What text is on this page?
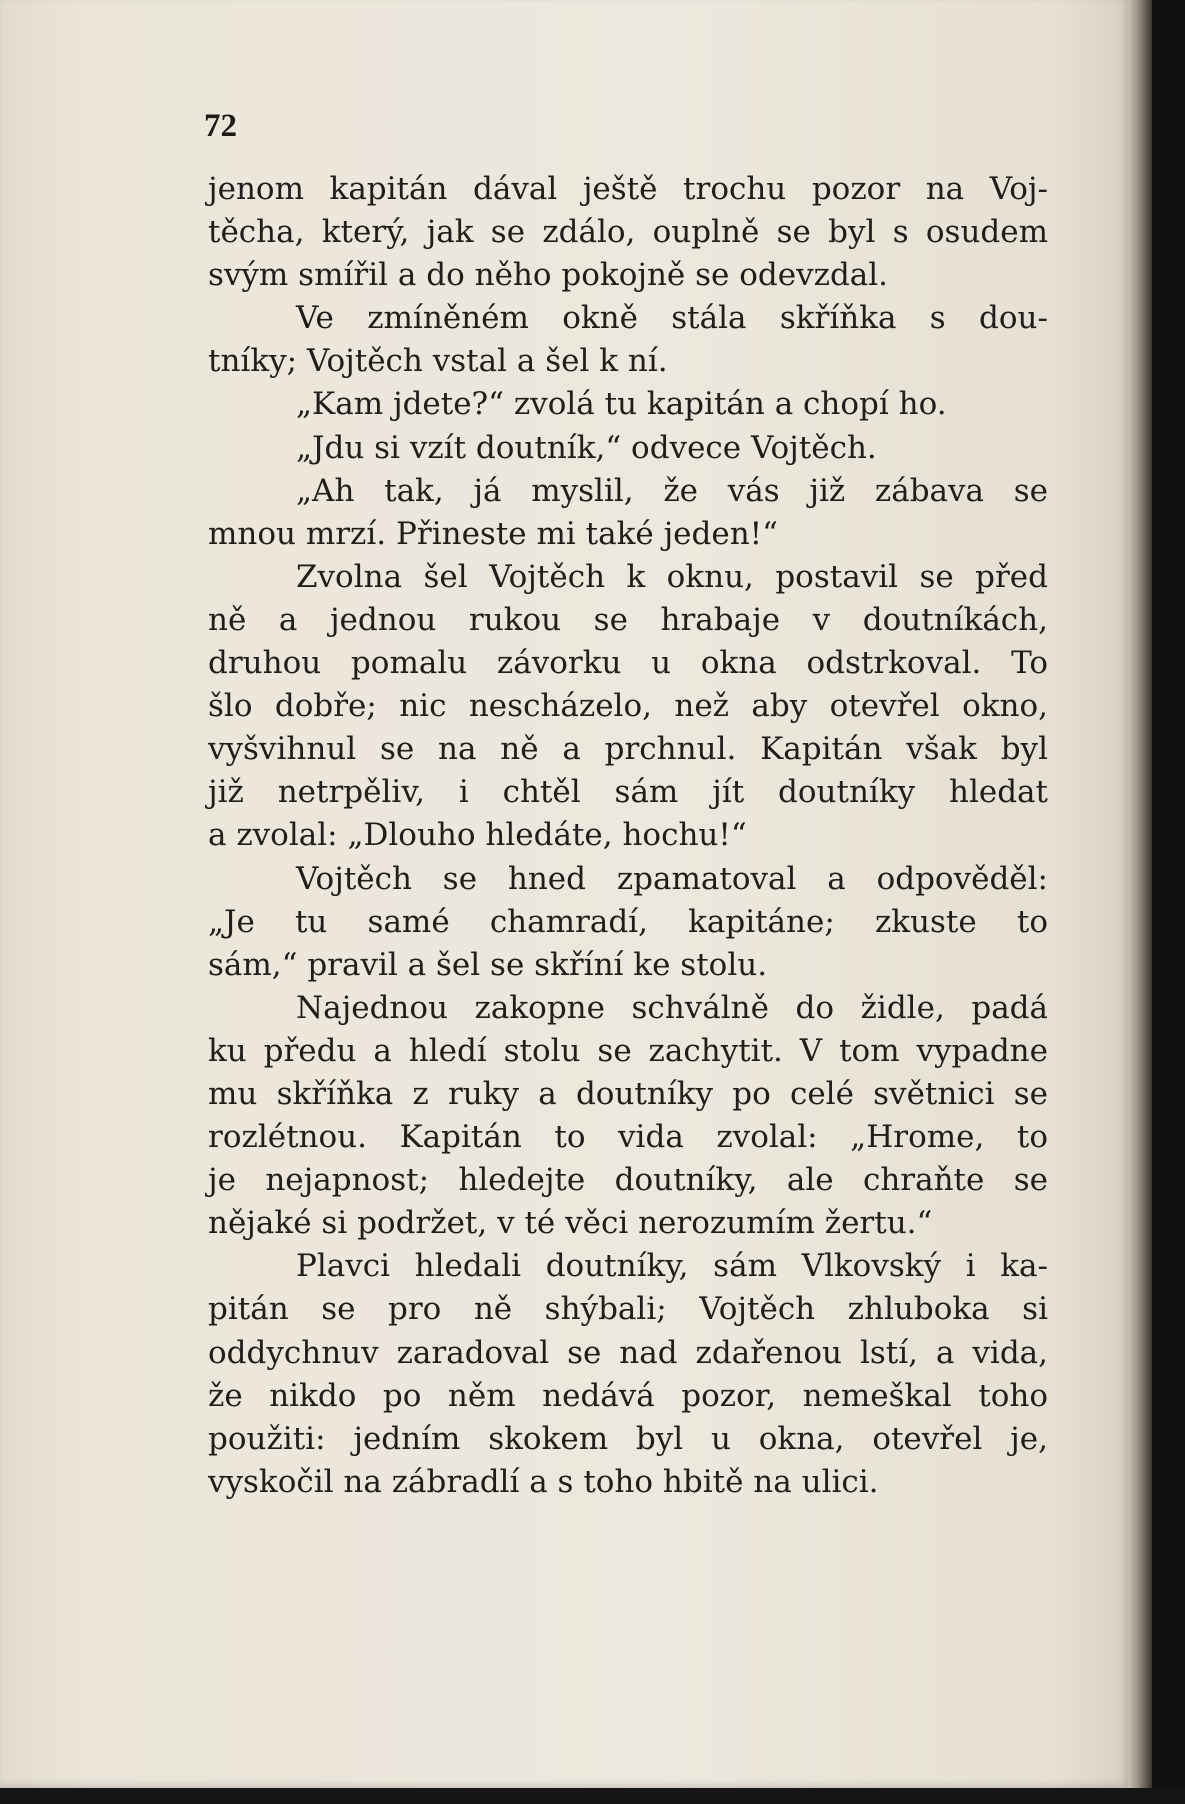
72

jenom kapitán dával ještě trochu pozor na Voj-
těcha, který, jak se zdálo, ouplně se byl s osudem
svým smířil a do něho pokojně se odevzdal.
Ve zmíněném okně stála skříňka s dou-
tníky; Vojtěch vstal a šel k ní.
„Kam jdete?“ zvolá tu kapitán a chopí ho.
„Jdu si vzít doutník,“ odvece Vojtěch.
„Ah tak, já myslil, že vás již zábava se
mnou mrzí. Přineste mi také jeden!“
Zvolna šel Vojtěch k oknu, postavil se před
ně a jednou rukou se hrabaje v doutníkách,
druhou pomalu závorku u okna odstrkoval. To
šlo dobře; nic nescházelo, než aby otevřel okno,
vyšvihnul se na ně a prchnul. Kapitán však byl
již netrpěliv, i chtěl sám jít doutníky hledat
a zvolal: „Dlouho hledáte, hochu!“
Vojtěch se hned zpamatoval a odpověděl:
„Je tu samé chamradí, kapitáne; zkuste to
sám,“ pravil a šel se skříní ke stolu.
Najednou zakopne schválně do židle, padá
ku předu a hledí stolu se zachytit. V tom vypadne
mu skříňka z ruky a doutníky po celé světnici se
rozlétnou. Kapitán to vida zvolal: „Hrome, to
je nejapnost; hledejte doutníky, ale chraňte se
nějaké si podržet, v té věci nerozumím žertu.“
Plavci hledali doutníky, sám Vlkovský i ka-
pitán se pro ně shýbali; Vojtěch zhluboka si
oddychnuv zaradoval se nad zdařenou lstí, a vida,
že nikdo po něm nedává pozor, nemeškal toho
použiti: jedním skokem byl u okna, otevřel je,
vyskočil na zábradlí a s toho hbitě na ulici.
